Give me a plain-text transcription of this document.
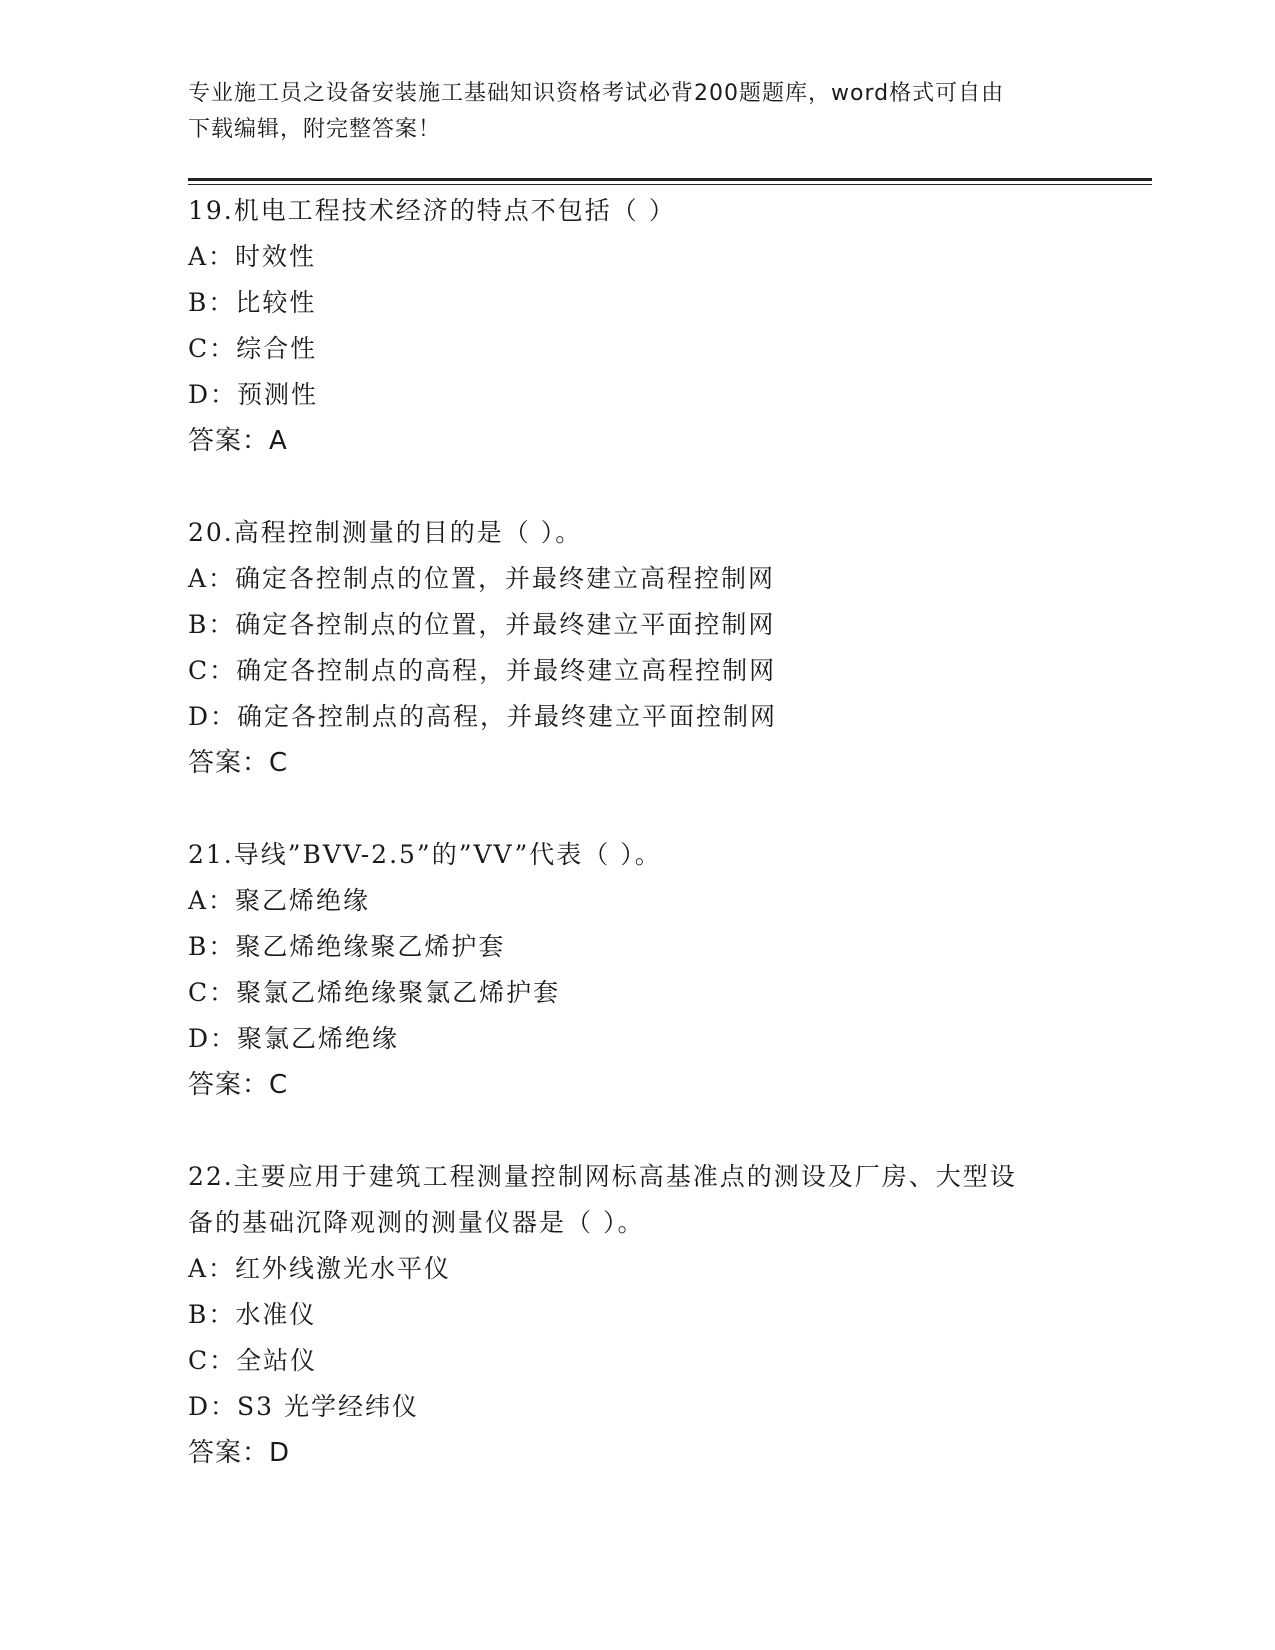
专业施工员之设备安装施工基础知识资格考试必背200题题库，word格式可自由
下载编辑，附完整答案！
19.机电工程技术经济的特点不包括（ ）
A：时效性
B：比较性
C：综合性
D：预测性
答案：A
20.高程控制测量的目的是（ ）。
A：确定各控制点的位置，并最终建立高程控制网
B：确定各控制点的位置，并最终建立平面控制网
C：确定各控制点的高程，并最终建立高程控制网
D：确定各控制点的高程，并最终建立平面控制网
答案：C
21.导线”BVV-2.5”的”VV”代表（ ）。
A：聚乙烯绝缘
B：聚乙烯绝缘聚乙烯护套
C：聚氯乙烯绝缘聚氯乙烯护套
D：聚氯乙烯绝缘
答案：C
22.主要应用于建筑工程测量控制网标高基准点的测设及厂房、大型设
备的基础沉降观测的测量仪器是（ ）。
A：红外线激光水平仪
B：水准仪
C：全站仪
D：S3 光学经纬仪
答案：D
